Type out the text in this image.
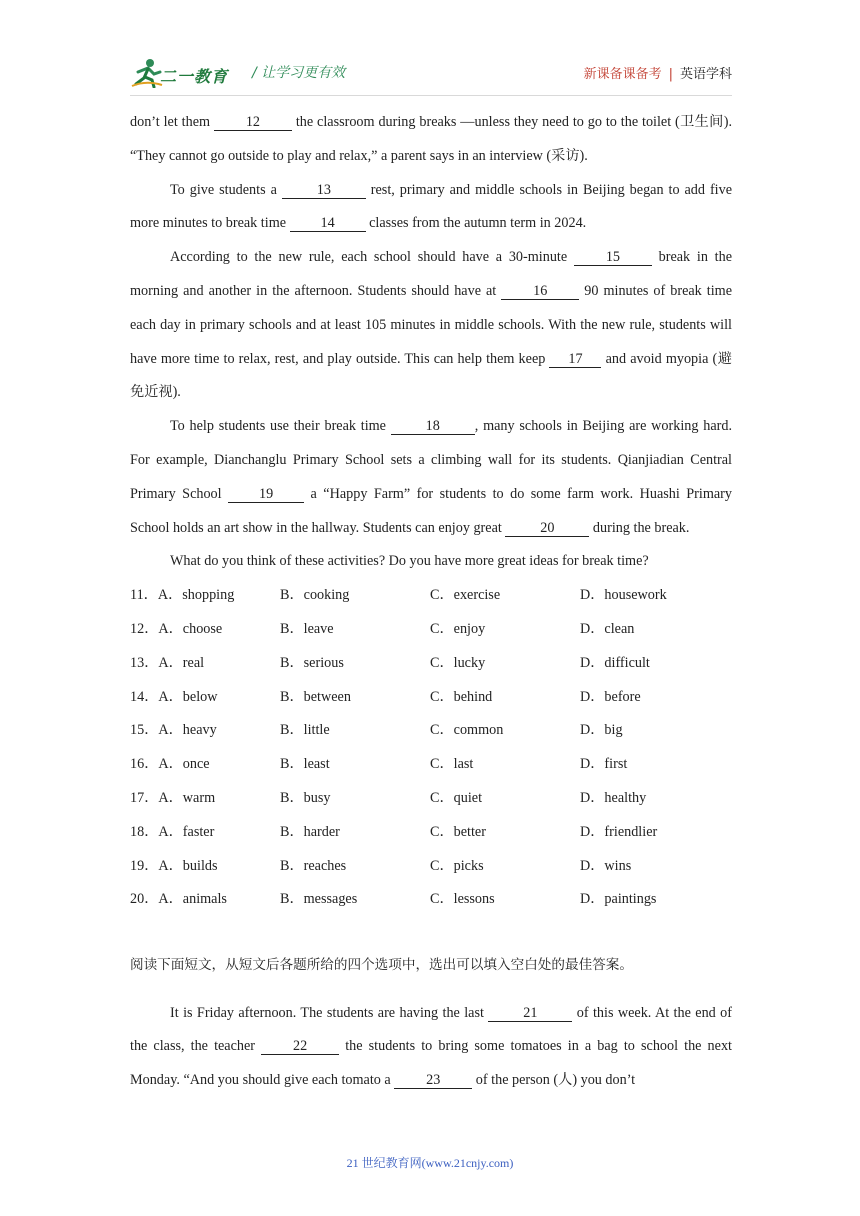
二一教育 / 让学习更有效	新课备课备考 | 英语学科

don’t let them 12 the classroom during breaks —unless they need to go to the toilet (卫生间). “They cannot go outside to play and relax,” a parent says in an interview (采访).

To give students a 13 rest, primary and middle schools in Beijing began to add five more minutes to break time 14 classes from the autumn term in 2024.

According to the new rule, each school should have a 30-minute 15 break in the morning and another in the afternoon. Students should have at 16 90 minutes of break time each day in primary schools and at least 105 minutes in middle schools. With the new rule, students will have more time to relax, rest, and play outside. This can help them keep 17 and avoid myopia (避免近视).

To help students use their break time 18 , many schools in Beijing are working hard. For example, Dianchanglu Primary School sets a climbing wall for its students. Qianjiadian Central Primary School 19 a “Happy Farm” for students to do some farm work. Huashi Primary School holds an art show in the hallway. Students can enjoy great 20 during the break.

What do you think of these activities? Do you have more great ideas for break time?

11．A．shopping	B．cooking	C．exercise	D．housework
12．A．choose	B．leave	C．enjoy	D．clean
13．A．real	B．serious	C．lucky	D．difficult
14．A．below	B．between	C．behind	D．before
15．A．heavy	B．little	C．common	D．big
16．A．once	B．least	C．last	D．first
17．A．warm	B．busy	C．quiet	D．healthy
18．A．faster	B．harder	C．better	D．friendlier
19．A．builds	B．reaches	C．picks	D．wins
20．A．animals	B．messages	C．lessons	D．paintings

阅读下面短文，从短文后各题所给的四个选项中，选出可以填入空白处的最佳答案。

It is Friday afternoon. The students are having the last 21 of this week. At the end of the class, the teacher 22 the students to bring some tomatoes in a bag to school the next Monday. “And you should give each tomato a 23 of the person (人) you don’t

21 世纪教育网(www.21cnjy.com)
